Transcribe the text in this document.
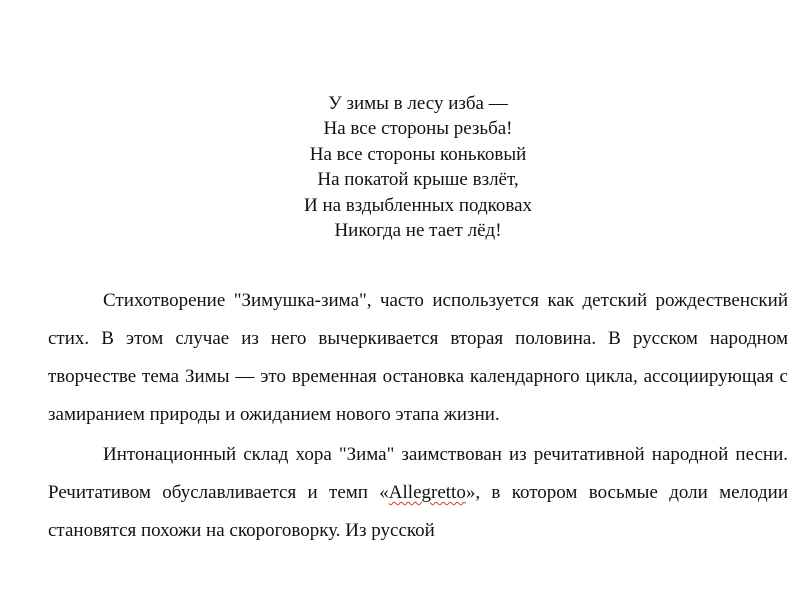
У зимы в лесу изба —
На все стороны резьба!
На все стороны коньковый
На покатой крыше взлёт,
И на вздыбленных подковах
Никогда не тает лёд!

Стихотворение "Зимушка-зима", часто используется как детский рождественский стих. В этом случае из него вычеркивается вторая половина. В русском народном творчестве тема Зимы — это временная остановка календарного цикла, ассоциирующая с замиранием природы и ожиданием нового этапа жизни.

Интонационный склад хора "Зима" заимствован из речитативной народной песни. Речитативом обуславливается и темп «Allegretto», в котором восьмые доли мелодии становятся похожи на скороговорку. Из русской
